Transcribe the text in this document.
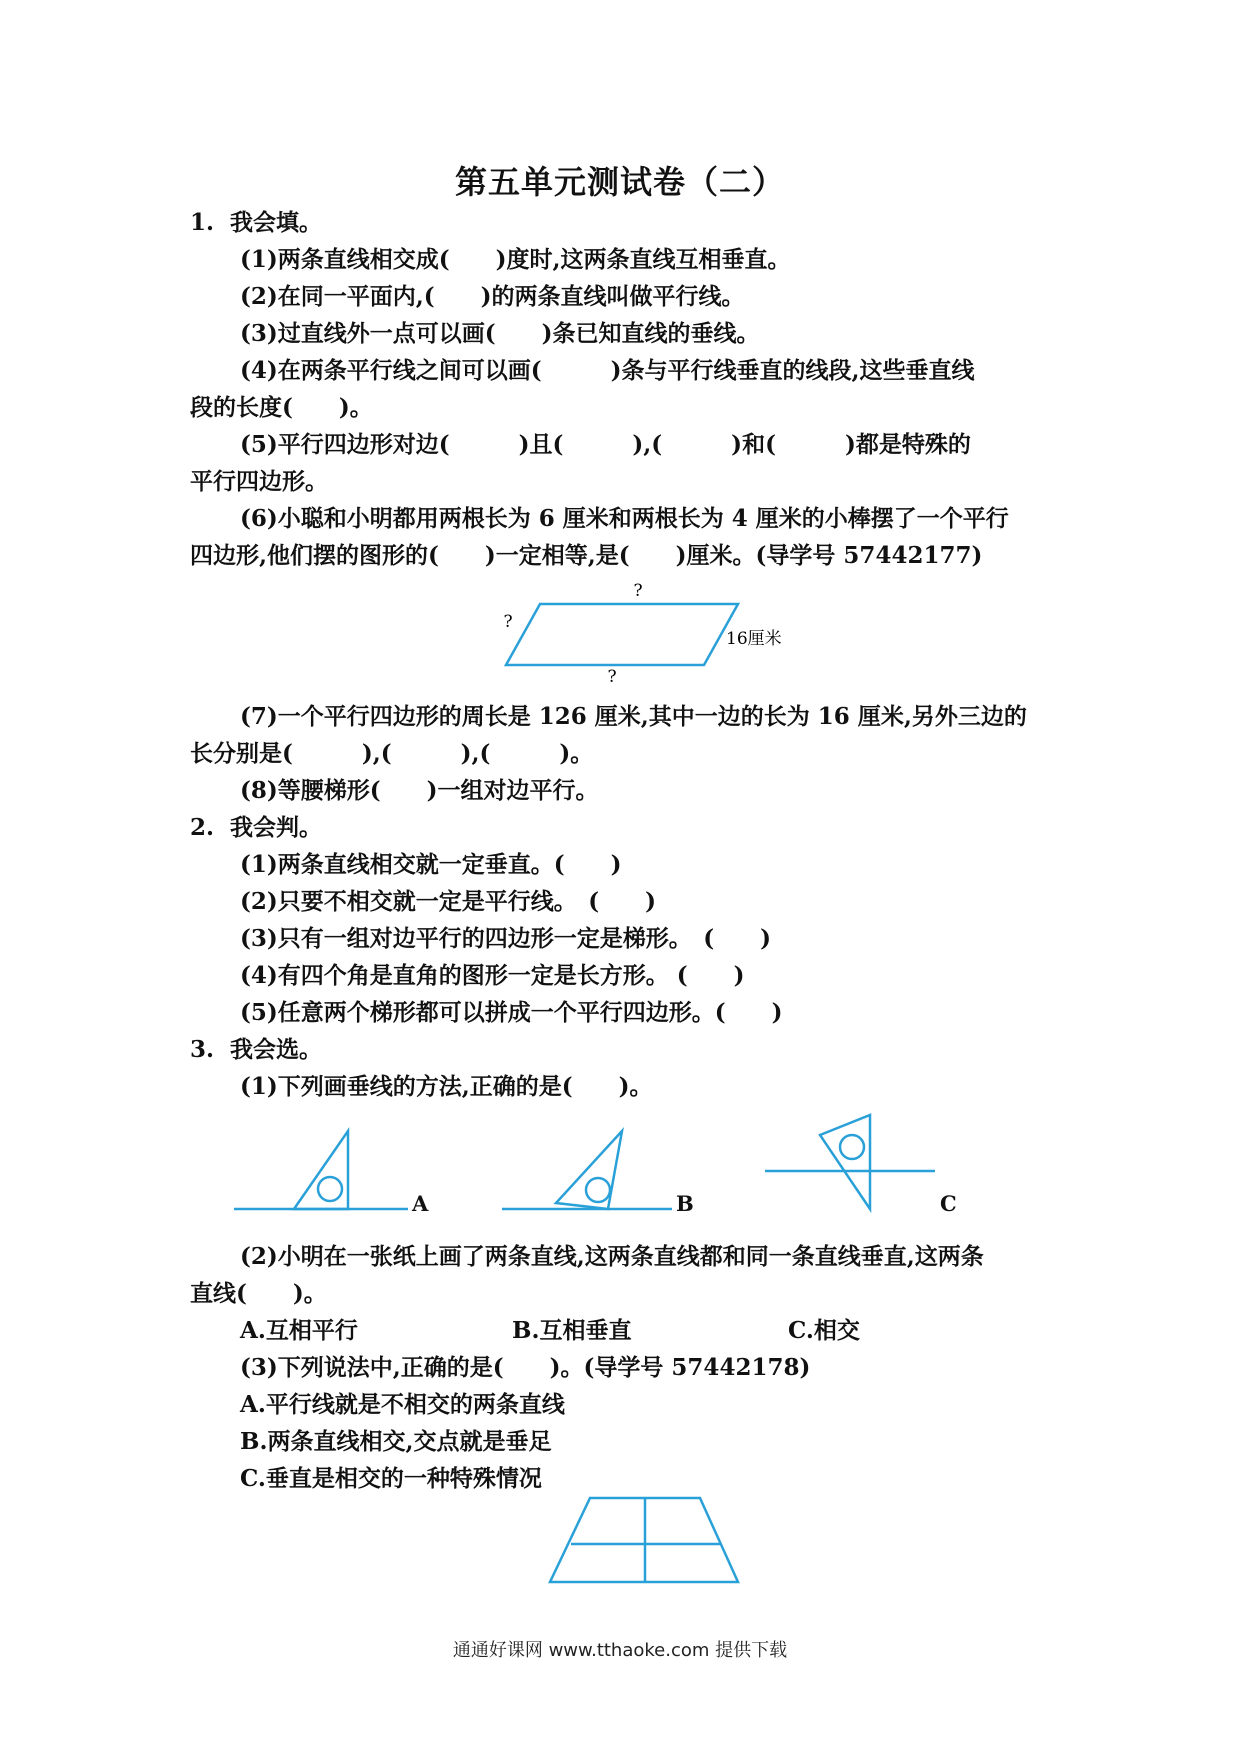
第五单元测试卷（二）
1.  我会填。
(1)两条直线相交成(　　)度时,这两条直线互相垂直。
(2)在同一平面内,(　　)的两条直线叫做平行线。
(3)过直线外一点可以画(　　)条已知直线的垂线。
(4)在两条平行线之间可以画(　　　)条与平行线垂直的线段,这些垂直线
段的长度(　　)。
(5)平行四边形对边(　　　)且(　　　),(　　　)和(　　　)都是特殊的
平行四边形。
(6)小聪和小明都用两根长为 6 厘米和两根长为 4 厘米的小棒摆了一个平行
四边形,他们摆的图形的(　　)一定相等,是(　　)厘米。(导学号 57442177)
?
?
?
16厘米
(7)一个平行四边形的周长是 126 厘米,其中一边的长为 16 厘米,另外三边的
长分别是(　　　),(　　　),(　　　)。
(8)等腰梯形(　　)一组对边平行。
2.  我会判。
(1)两条直线相交就一定垂直。(　　)
(2)只要不相交就一定是平行线。　(　　)
(3)只有一组对边平行的四边形一定是梯形。　(　　)
(4)有四个角是直角的图形一定是长方形。 (　　)
(5)任意两个梯形都可以拼成一个平行四边形。(　　)
3.  我会选。
(1)下列画垂线的方法,正确的是(　　)。
A	B	C
(2)小明在一张纸上画了两条直线,这两条直线都和同一条直线垂直,这两条
直线(　　)。
A.互相平行	B.互相垂直	C.相交
(3)下列说法中,正确的是(　　)。(导学号 57442178)
A.平行线就是不相交的两条直线
B.两条直线相交,交点就是垂足
C.垂直是相交的一种特殊情况
通通好课网 www.tthaoke.com 提供下载
